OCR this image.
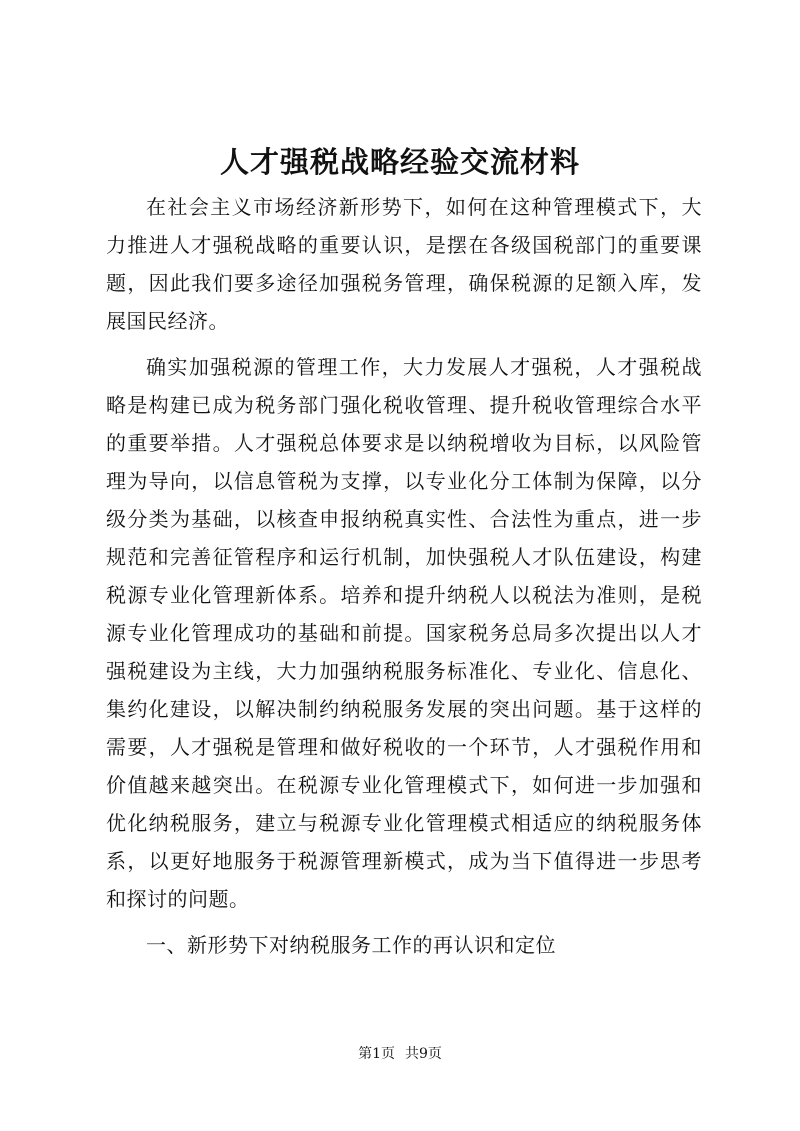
人才强税战略经验交流材料
在社会主义市场经济新形势下，如何在这种管理模式下，大
力推进人才强税战略的重要认识，是摆在各级国税部门的重要课
题，因此我们要多途径加强税务管理，确保税源的足额入库，发
展国民经济。
确实加强税源的管理工作，大力发展人才强税，人才强税战
略是构建已成为税务部门强化税收管理、提升税收管理综合水平
的重要举措。人才强税总体要求是以纳税增收为目标，以风险管
理为导向，以信息管税为支撑，以专业化分工体制为保障，以分
级分类为基础，以核查申报纳税真实性、合法性为重点，进一步
规范和完善征管程序和运行机制，加快强税人才队伍建设，构建
税源专业化管理新体系。培养和提升纳税人以税法为准则，是税
源专业化管理成功的基础和前提。国家税务总局多次提出以人才
强税建设为主线，大力加强纳税服务标准化、专业化、信息化、
集约化建设，以解决制约纳税服务发展的突出问题。基于这样的
需要，人才强税是管理和做好税收的一个环节，人才强税作用和
价值越来越突出。在税源专业化管理模式下，如何进一步加强和
优化纳税服务，建立与税源专业化管理模式相适应的纳税服务体
系，以更好地服务于税源管理新模式，成为当下值得进一步思考
和探讨的问题。
一、新形势下对纳税服务工作的再认识和定位
第1页 共9页
